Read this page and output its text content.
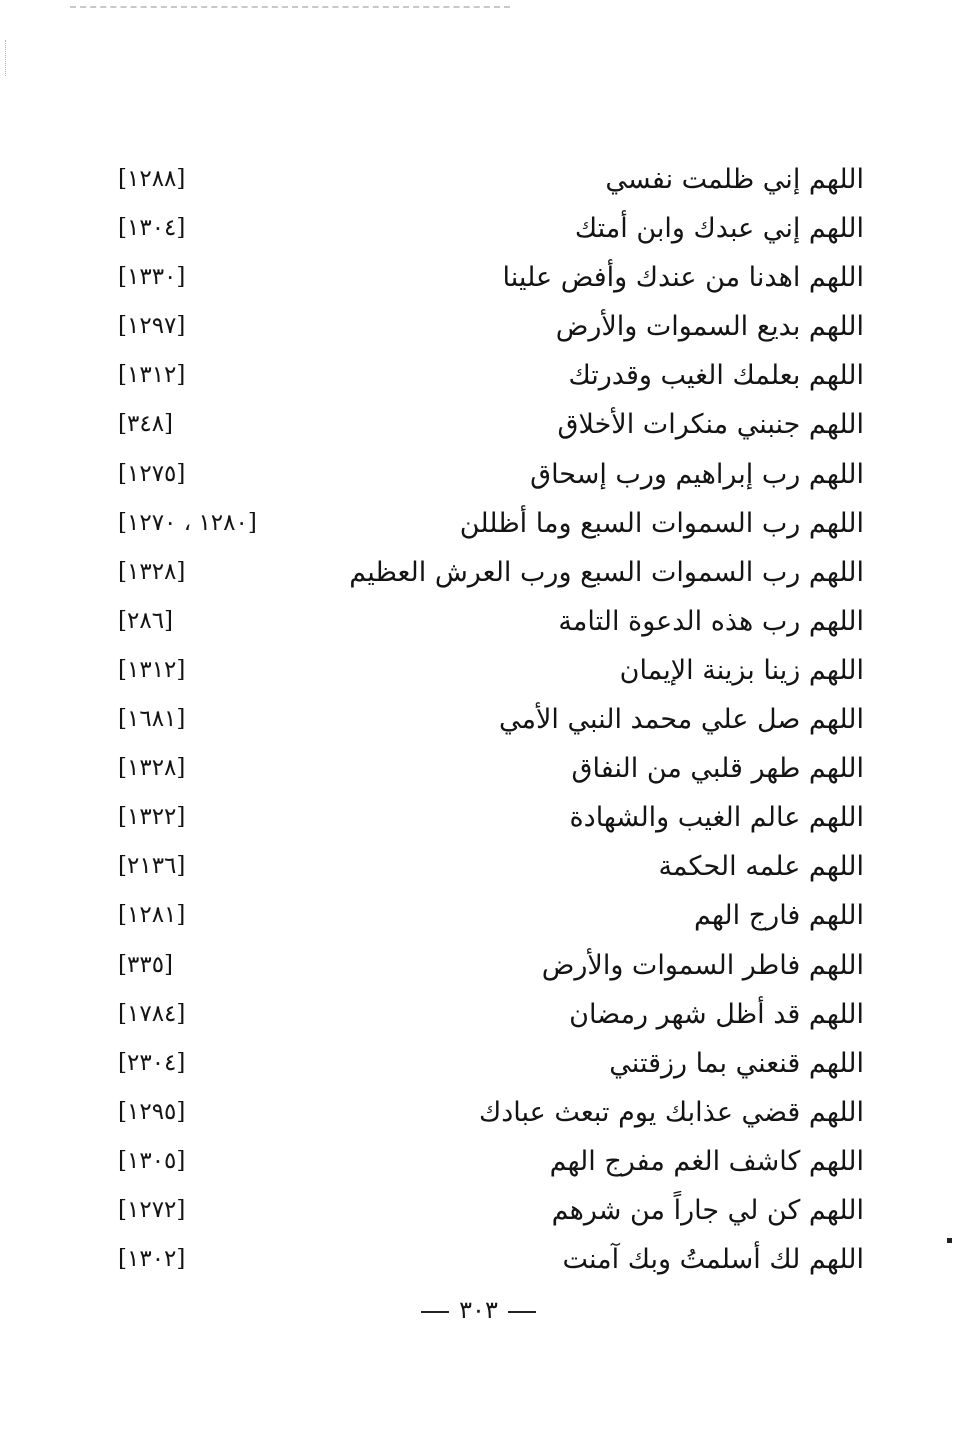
اللهم إني ظلمت نفسي
[١٢٨٨]
اللهم إني عبدك وابن أمتك
[١٣٠٤]
اللهم اهدنا من عندك وأفض علينا
[١٣٣٠]
اللهم بديع السموات والأرض
[١٢٩٧]
اللهم بعلمك الغيب وقدرتك
[١٣١٢]
اللهم جنبني منكرات الأخلاق
[٣٤٨]
اللهم رب إبراهيم ورب إسحاق
[١٢٧٥]
اللهم رب السموات السبع وما أظللن
[١٢٨٠ ، ١٢٧٠]
اللهم رب السموات السبع ورب العرش العظيم
[١٣٢٨]
اللهم رب هذه الدعوة التامة
[٢٨٦]
اللهم زينا بزينة الإيمان
[١٣١٢]
اللهم صل علي محمد النبي الأمي
[١٦٨١]
اللهم طهر قلبي من النفاق
[١٣٢٨]
اللهم عالم الغيب والشهادة
[١٣٢٢]
اللهم علمه الحكمة
[٢١٣٦]
اللهم فارج الهم
[١٢٨١]
اللهم فاطر السموات والأرض
[٣٣٥]
اللهم قد أظل شهر رمضان
[١٧٨٤]
اللهم قنعني بما رزقتني
[٢٣٠٤]
اللهم قضي عذابك يوم تبعث عبادك
[١٢٩٥]
اللهم كاشف الغم مفرج الهم
[١٣٠٥]
اللهم كن لي جاراً من شرهم
[١٢٧٢]
اللهم لك أسلمتُ وبك آمنت
[١٣٠٢]
٣٠٣
